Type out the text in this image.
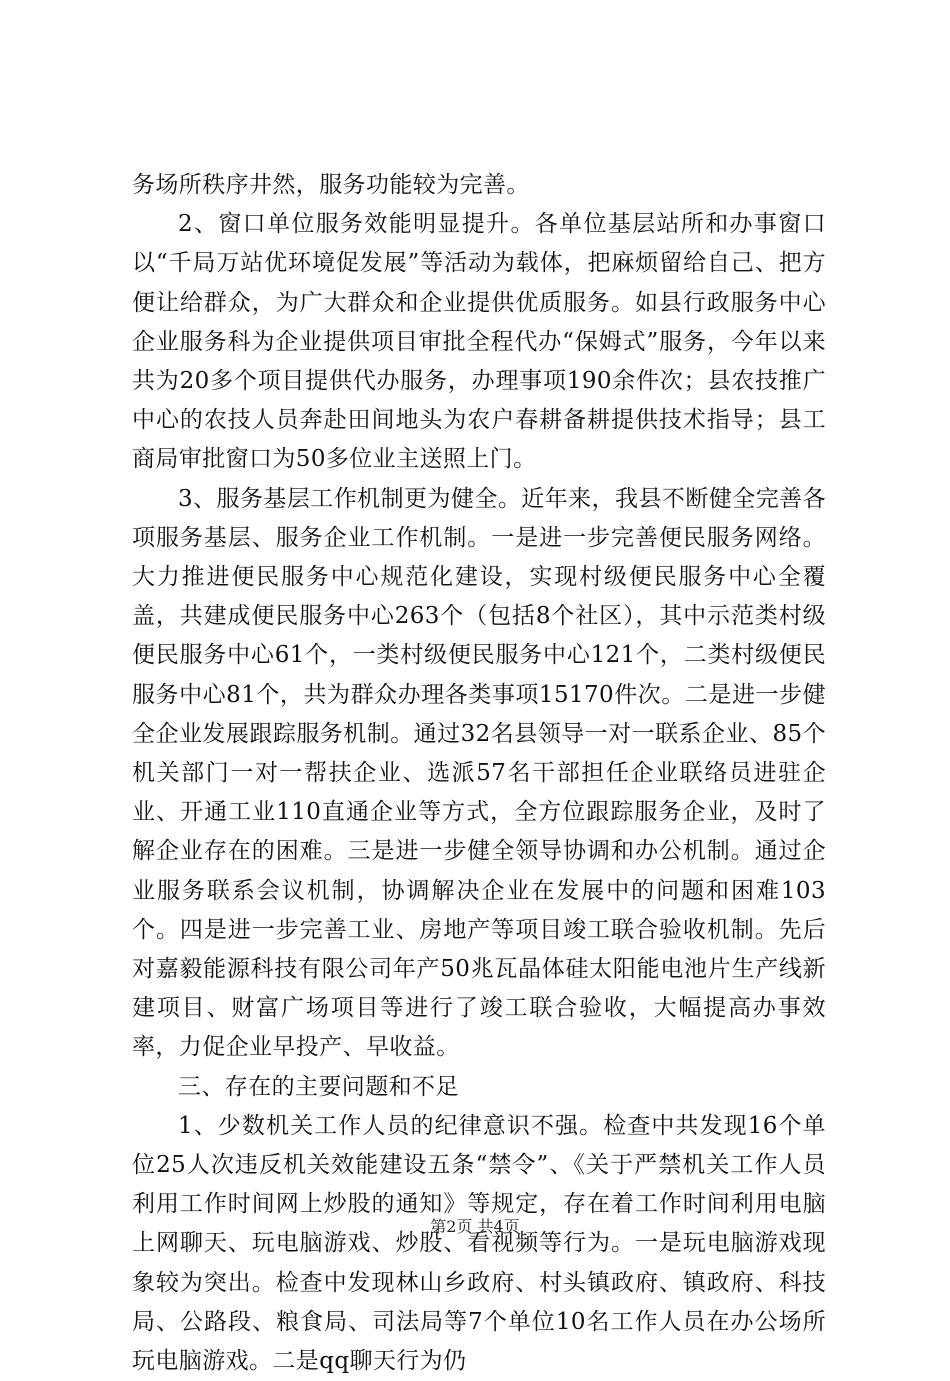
务场所秩序井然，服务功能较为完善。

2、窗口单位服务效能明显提升。各单位基层站所和办事窗口以“千局万站优环境促发展”等活动为载体，把麻烦留给自己、把方便让给群众，为广大群众和企业提供优质服务。如县行政服务中心企业服务科为企业提供项目审批全程代办“保姆式”服务，今年以来共为20多个项目提供代办服务，办理事项190余件次；县农技推广中心的农技人员奔赴田间地头为农户春耕备耕提供技术指导；县工商局审批窗口为50多位业主送照上门。

3、服务基层工作机制更为健全。近年来，我县不断健全完善各项服务基层、服务企业工作机制。一是进一步完善便民服务网络。大力推进便民服务中心规范化建设，实现村级便民服务中心全覆盖，共建成便民服务中心263个（包括8个社区），其中示范类村级便民服务中心61个，一类村级便民服务中心121个，二类村级便民服务中心81个，共为群众办理各类事项15170件次。二是进一步健全企业发展跟踪服务机制。通过32名县领导一对一联系企业、85个机关部门一对一帮扶企业、选派57名干部担任企业联络员进驻企业、开通工业110直通企业等方式，全方位跟踪服务企业，及时了解企业存在的困难。三是进一步健全领导协调和办公机制。通过企业服务联系会议机制，协调解决企业在发展中的问题和困难103个。四是进一步完善工业、房地产等项目竣工联合验收机制。先后对嘉毅能源科技有限公司年产50兆瓦晶体硅太阳能电池片生产线新建项目、财富广场项目等进行了竣工联合验收，大幅提高办事效率，力促企业早投产、早收益。

三、存在的主要问题和不足

1、少数机关工作人员的纪律意识不强。检查中共发现16个单位25人次违反机关效能建设五条“禁令”、《关于严禁机关工作人员利用工作时间网上炒股的通知》等规定，存在着工作时间利用电脑上网聊天、玩电脑游戏、炒股、看视频等行为。一是玩电脑游戏现象较为突出。检查中发现林山乡政府、村头镇政府、镇政府、科技局、公路段、粮食局、司法局等7个单位10名工作人员在办公场所玩电脑游戏。二是qq聊天行为仍

第2页 共4页
